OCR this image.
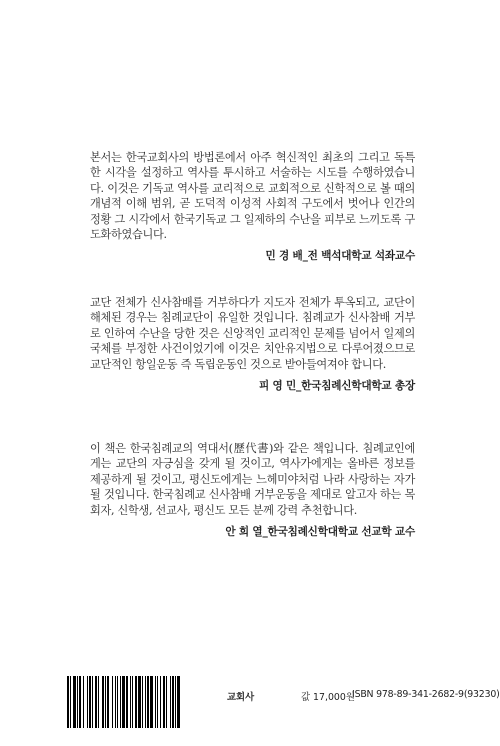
본서는 한국교회사의 방법론에서 아주 혁신적인 최초의 그리고 독특한 시각을 설정하고 역사를 투시하고 서술하는 시도를 수행하였습니다. 이것은 기독교 역사를 교리적으로 교회적으로 신학적으로 볼 때의 개념적 이해 범위, 곧 도덕적 이성적 사회적 구도에서 벗어나 인간의 정황 그 시각에서 한국기독교 그 일제하의 수난을 피부로 느끼도록 구도화하였습니다.

민 경 배_전 백석대학교 석좌교수

교단 전체가 신사참배를 거부하다가 지도자 전체가 투옥되고, 교단이 해체된 경우는 침례교단이 유일한 것입니다. 침례교가 신사참배 거부로 인하여 수난을 당한 것은 신앙적인 교리적인 문제를 넘어서 일제의 국체를 부정한 사건이었기에 이것은 치안유지법으로 다루어졌으므로 교단적인 항일운동 즉 독립운동인 것으로 받아들여져야 합니다.

피 영 민_한국침례신학대학교 총장

이 책은 한국침례교의 역대서(歷代書)와 같은 책입니다. 침례교인에게는 교단의 자긍심을 갖게 될 것이고, 역사가에게는 올바른 정보를 제공하게 될 것이고, 평신도에게는 느헤미야처럼 나라 사랑하는 자가 될 것입니다. 한국침례교 신사참배 거부운동을 제대로 알고자 하는 목회자, 신학생, 선교사, 평신도 모든 분께 강력 추천합니다.

안 희 열_한국침례신학대학교 선교학 교수
교회사	값 17,000원
ISBN 978-89-341-2682-9(93230)
